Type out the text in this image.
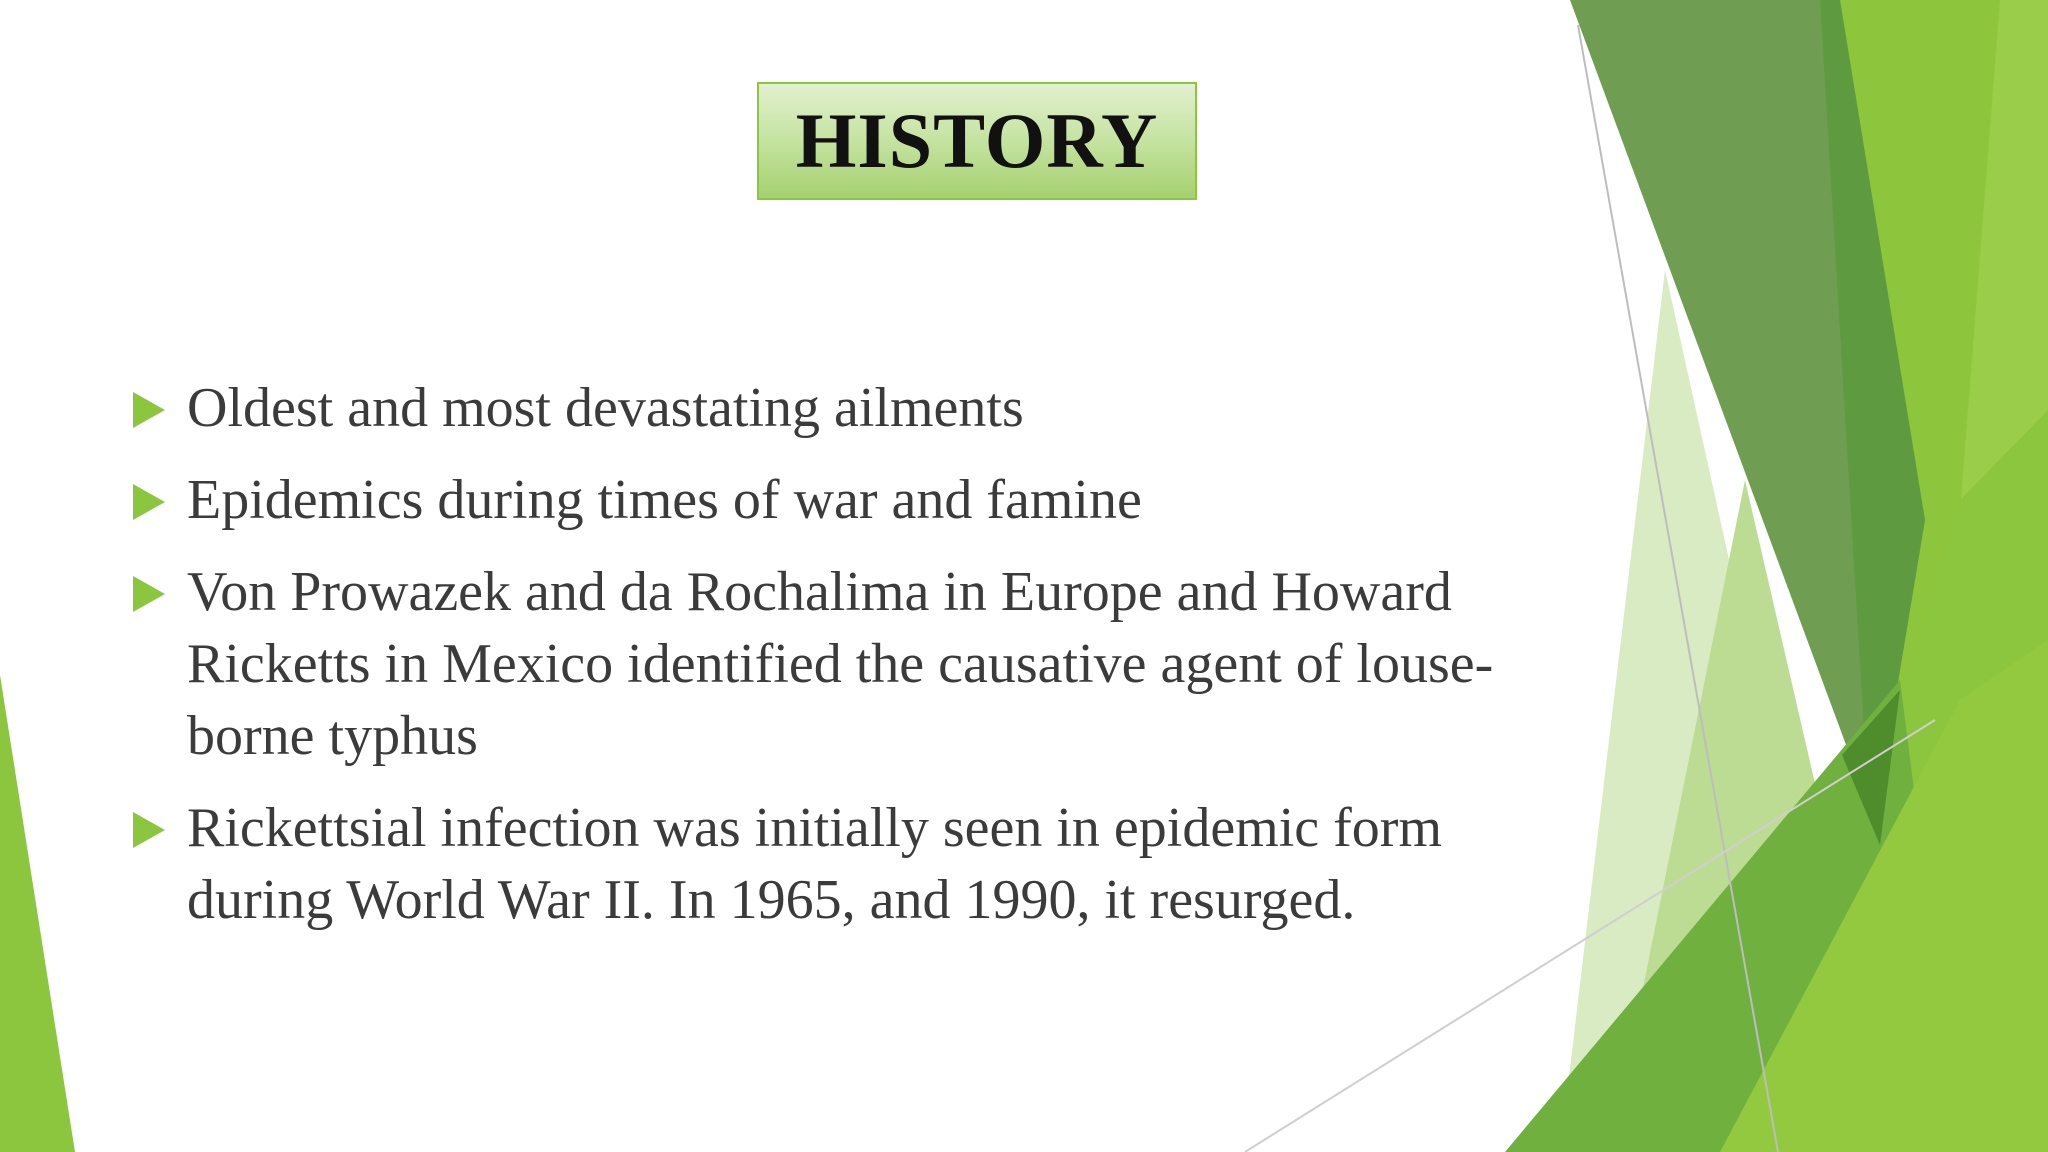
HISTORY
Oldest and most devastating ailments
Epidemics during times of war and famine
Von Prowazek and da Rochalima in Europe and Howard Ricketts in Mexico identified the causative agent of louse-borne typhus
Rickettsial infection was initially seen in epidemic form during World War II. In 1965, and 1990, it resurged.
